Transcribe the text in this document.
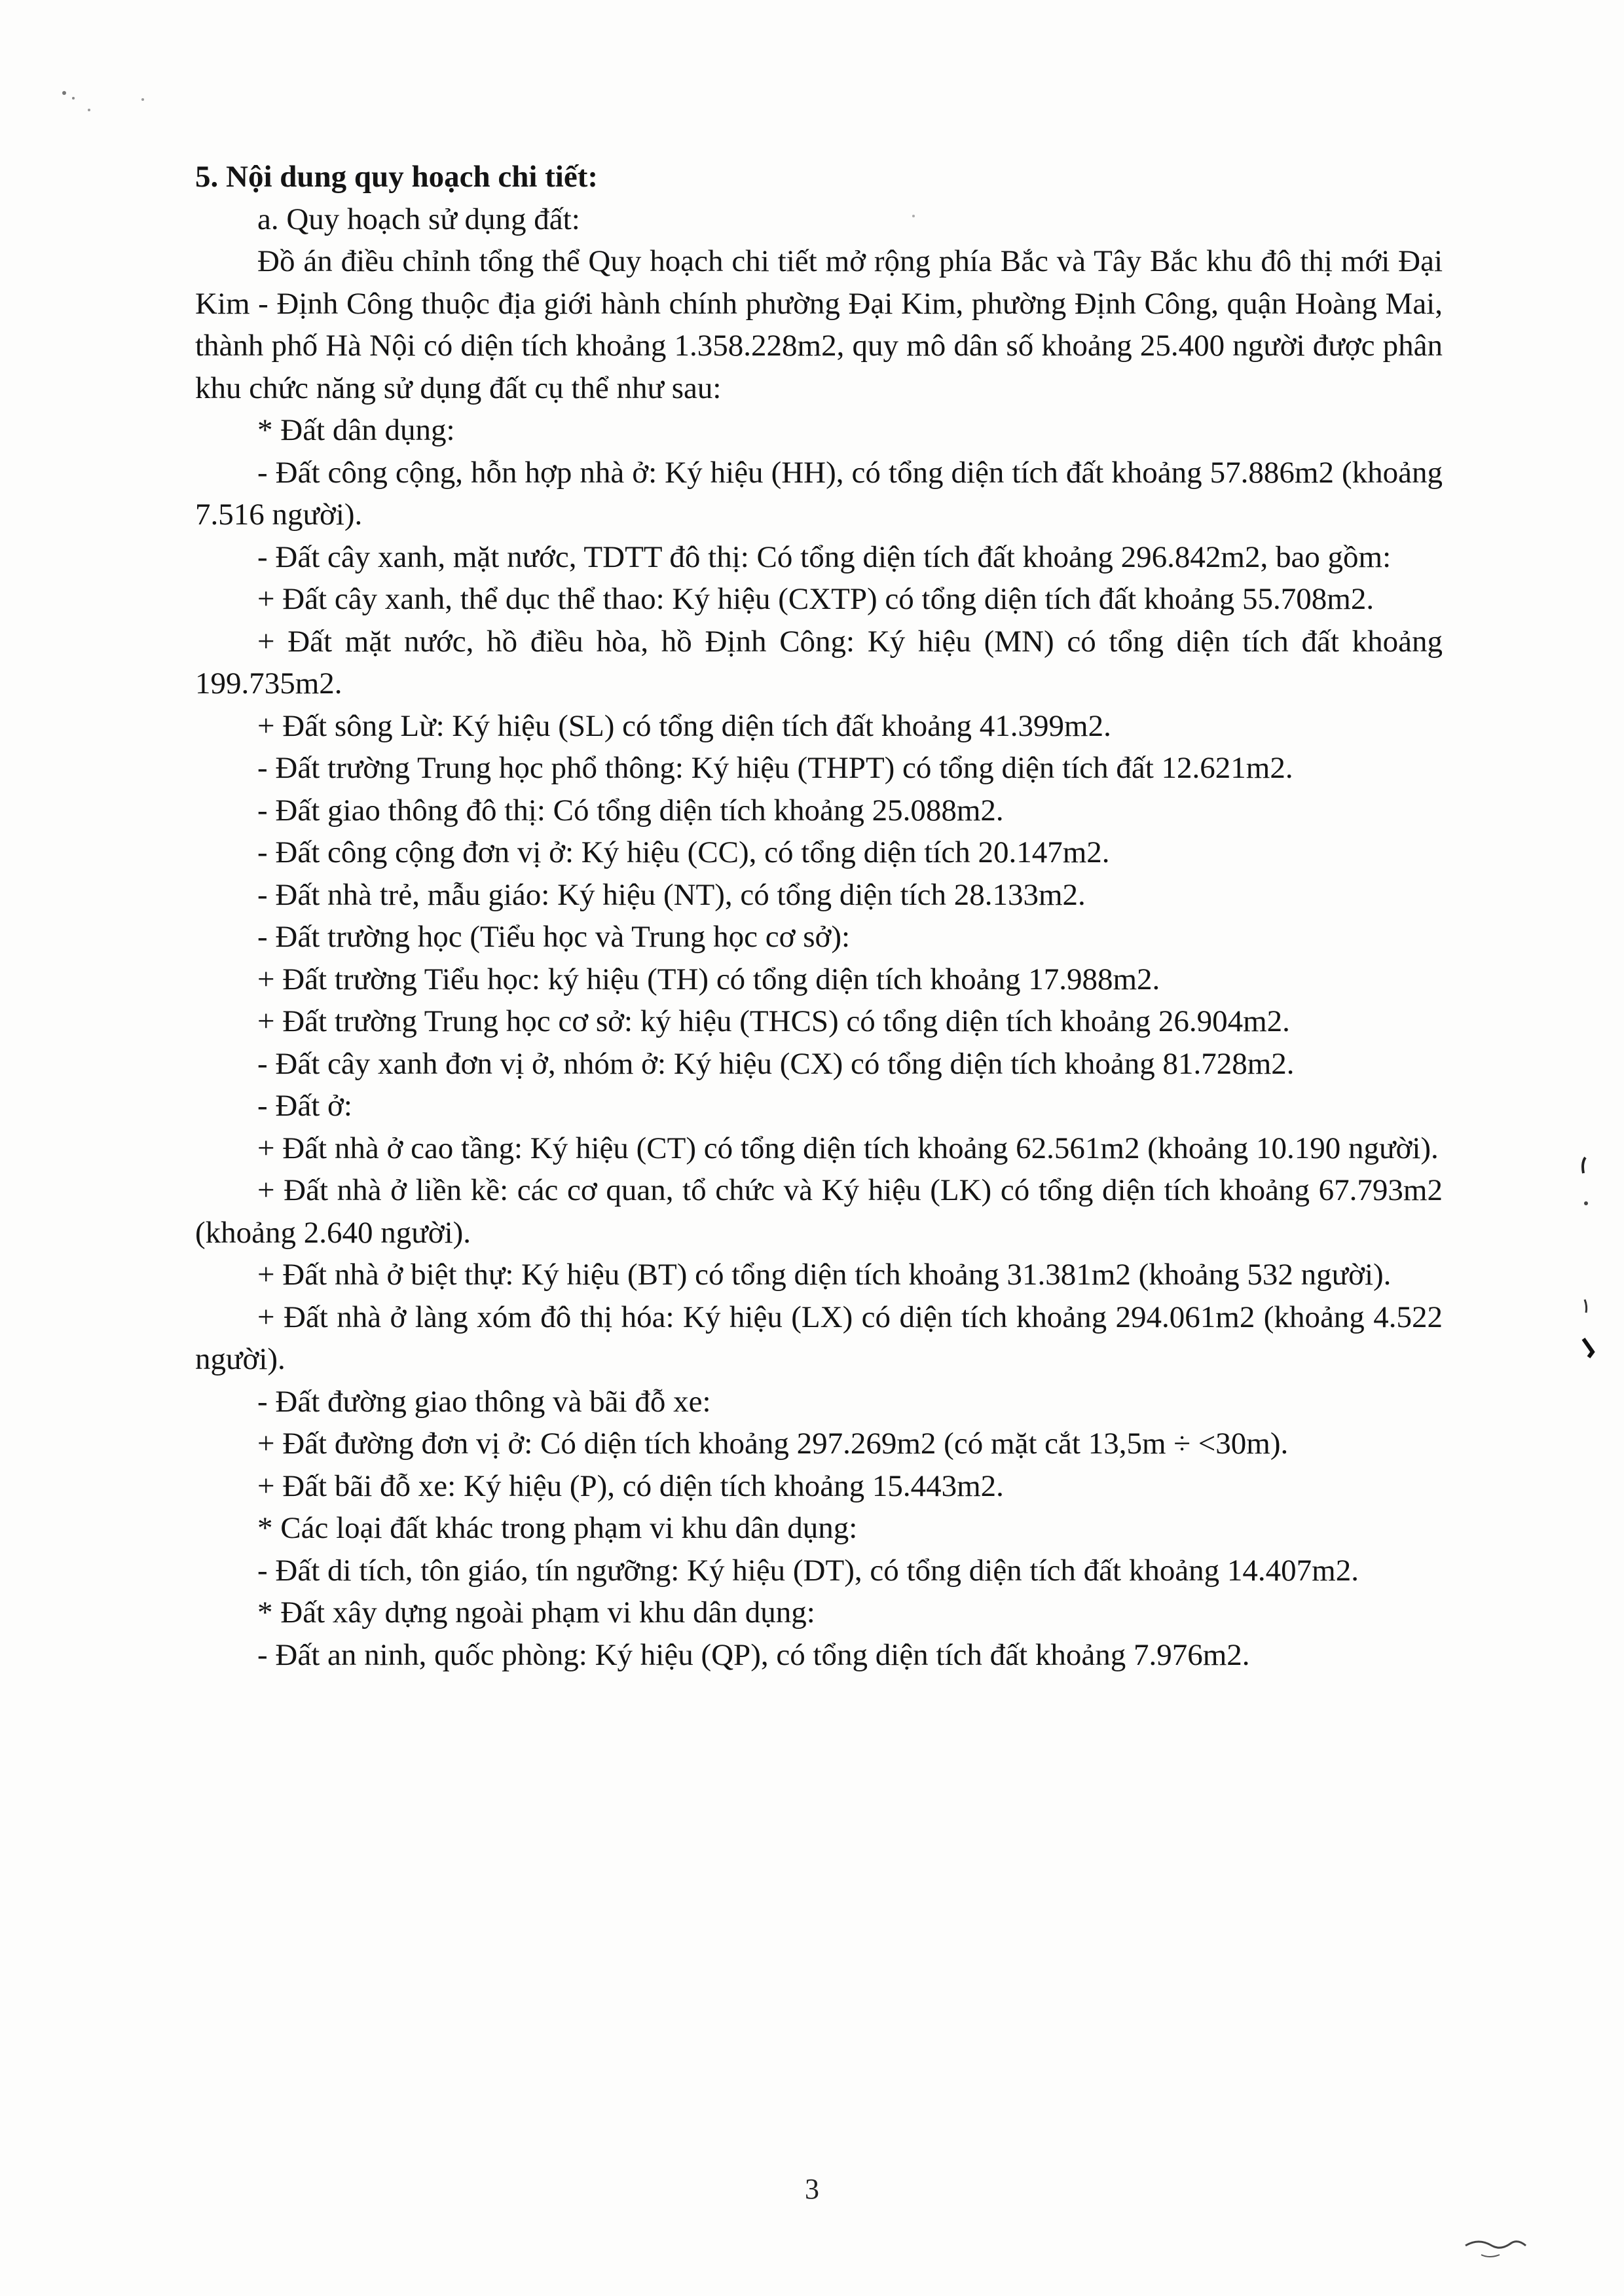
5. Nội dung quy hoạch chi tiết:

a. Quy hoạch sử dụng đất:

Đồ án điều chỉnh tổng thể Quy hoạch chi tiết mở rộng phía Bắc và Tây Bắc khu đô thị mới Đại Kim - Định Công thuộc địa giới hành chính phường Đại Kim, phường Định Công, quận Hoàng Mai, thành phố Hà Nội có diện tích khoảng 1.358.228m2, quy mô dân số khoảng 25.400 người được phân khu chức năng sử dụng đất cụ thể như sau:

* Đất dân dụng:

- Đất công cộng, hỗn hợp nhà ở: Ký hiệu (HH), có tổng diện tích đất khoảng 57.886m2 (khoảng 7.516 người).

- Đất cây xanh, mặt nước, TDTT đô thị: Có tổng diện tích đất khoảng 296.842m2, bao gồm:

+ Đất cây xanh, thể dục thể thao: Ký hiệu (CXTP) có tổng diện tích đất khoảng 55.708m2.

+ Đất mặt nước, hồ điều hòa, hồ Định Công: Ký hiệu (MN) có tổng diện tích đất khoảng 199.735m2.

+ Đất sông Lừ: Ký hiệu (SL) có tổng diện tích đất khoảng 41.399m2.

- Đất trường Trung học phổ thông: Ký hiệu (THPT) có tổng diện tích đất 12.621m2.

- Đất giao thông đô thị: Có tổng diện tích khoảng 25.088m2.

- Đất công cộng đơn vị ở: Ký hiệu (CC), có tổng diện tích 20.147m2.

- Đất nhà trẻ, mẫu giáo: Ký hiệu (NT), có tổng diện tích 28.133m2.

- Đất trường học (Tiểu học và Trung học cơ sở):

+ Đất trường Tiểu học: ký hiệu (TH) có tổng diện tích khoảng 17.988m2.

+ Đất trường Trung học cơ sở: ký hiệu (THCS) có tổng diện tích khoảng 26.904m2.

- Đất cây xanh đơn vị ở, nhóm ở: Ký hiệu (CX) có tổng diện tích khoảng 81.728m2.

- Đất ở:

+ Đất nhà ở cao tầng: Ký hiệu (CT) có tổng diện tích khoảng 62.561m2 (khoảng 10.190 người).

+ Đất nhà ở liền kề: các cơ quan, tổ chức và Ký hiệu (LK) có tổng diện tích khoảng 67.793m2 (khoảng 2.640 người).

+ Đất nhà ở biệt thự: Ký hiệu (BT) có tổng diện tích khoảng 31.381m2 (khoảng 532 người).

+ Đất nhà ở làng xóm đô thị hóa: Ký hiệu (LX) có diện tích khoảng 294.061m2 (khoảng 4.522 người).

- Đất đường giao thông và bãi đỗ xe:

+ Đất đường đơn vị ở: Có diện tích khoảng 297.269m2 (có mặt cắt 13,5m ÷ <30m).

+ Đất bãi đỗ xe: Ký hiệu (P), có diện tích khoảng 15.443m2.

* Các loại đất khác trong phạm vi khu dân dụng:

- Đất di tích, tôn giáo, tín ngưỡng: Ký hiệu (DT), có tổng diện tích đất khoảng 14.407m2.

* Đất xây dựng ngoài phạm vi khu dân dụng:

- Đất an ninh, quốc phòng: Ký hiệu (QP), có tổng diện tích đất khoảng 7.976m2.

3
